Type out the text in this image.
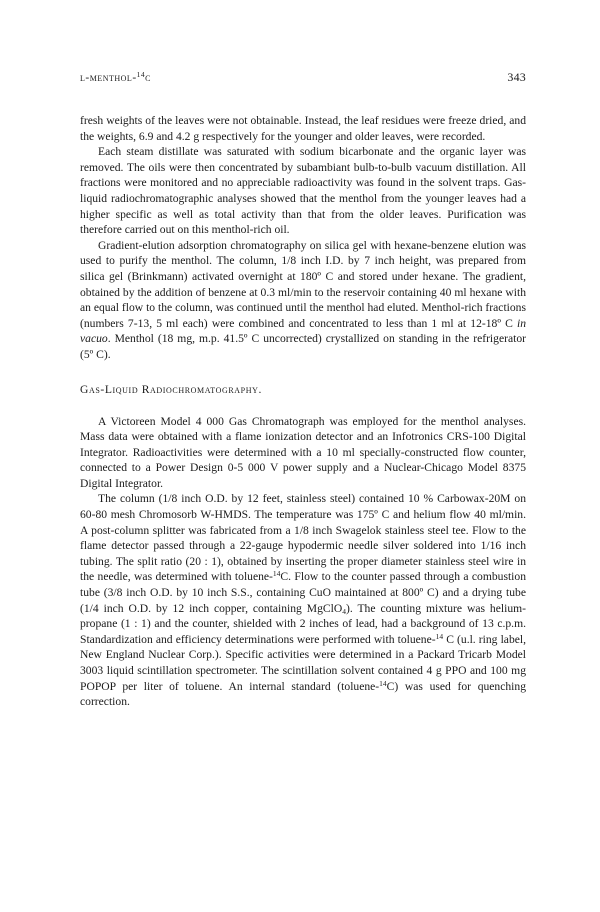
l-menthol-$^{14}$c	343

fresh weights of the leaves were not obtainable. Instead, the leaf residues were freeze dried, and the weights, 6.9 and 4.2 g respectively for the younger and older leaves, were recorded.

Each steam distillate was saturated with sodium bicarbonate and the organic layer was removed. The oils were then concentrated by subambiant bulb-to-bulb vacuum distillation. All fractions were monitored and no appreciable radioactivity was found in the solvent traps. Gas-liquid radiochromatographic analyses showed that the menthol from the younger leaves had a higher specific as well as total activity than that from the older leaves. Purification was therefore carried out on this menthol-rich oil.

Gradient-elution adsorption chromatography on silica gel with hexane-benzene elution was used to purify the menthol. The column, 1/8 inch I.D. by 7 inch height, was prepared from silica gel (Brinkmann) activated overnight at 180º C and stored under hexane. The gradient, obtained by the addition of benzene at 0.3 ml/min to the reservoir containing 40 ml hexane with an equal flow to the column, was continued until the menthol had eluted. Menthol-rich fractions (numbers 7-13, 5 ml each) were combined and concentrated to less than 1 ml at 12-18º C in vacuo. Menthol (18 mg, m.p. 41.5º C uncorrected) crystallized on standing in the refrigerator (5º C).

Gas-Liquid Radiochromatography.

A Victoreen Model 4 000 Gas Chromatograph was employed for the menthol analyses. Mass data were obtained with a flame ionization detector and an Infotronics CRS-100 Digital Integrator. Radioactivities were determined with a 10 ml specially-constructed flow counter, connected to a Power Design 0-5 000 V power supply and a Nuclear-Chicago Model 8375 Digital Integrator.

The column (1/8 inch O.D. by 12 feet, stainless steel) contained 10 % Carbowax-20M on 60-80 mesh Chromosorb W-HMDS. The temperature was 175º C and helium flow 40 ml/min. A post-column splitter was fabricated from a 1/8 inch Swagelok stainless steel tee. Flow to the flame detector passed through a 22-gauge hypodermic needle silver soldered into 1/16 inch tubing. The split ratio (20 : 1), obtained by inserting the proper diameter stainless steel wire in the needle, was determined with toluene-$^{14}$C. Flow to the counter passed through a combustion tube (3/8 inch O.D. by 10 inch S.S., containing CuO maintained at 800º C) and a drying tube (1/4 inch O.D. by 12 inch copper, containing MgClO$_4$). The counting mixture was helium-propane (1 : 1) and the counter, shielded with 2 inches of lead, had a background of 13 c.p.m. Standardization and efficiency determinations were performed with toluene-$^{14}$ C (u.l. ring label, New England Nuclear Corp.). Specific activities were determined in a Packard Tricarb Model 3003 liquid scintillation spectrometer. The scintillation solvent contained 4 g PPO and 100 mg POPOP per liter of toluene. An internal standard (toluene-$^{14}$C) was used for quenching correction.
